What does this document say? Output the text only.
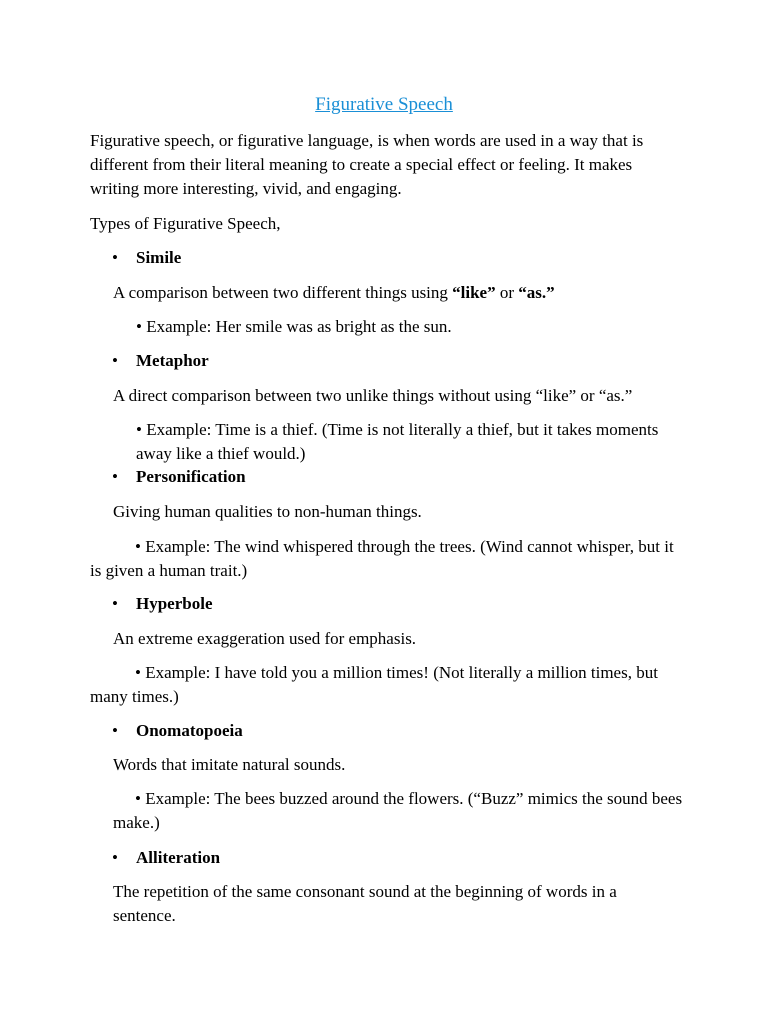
Figurative Speech
Figurative speech, or figurative language, is when words are used in a way that is different from their literal meaning to create a special effect or feeling. It makes writing more interesting, vivid, and engaging.
Types of Figurative Speech,
• Simile
A comparison between two different things using “like” or “as.”
• Example: Her smile was as bright as the sun.
• Metaphor
A direct comparison between two unlike things without using “like” or “as.”
• Example: Time is a thief. (Time is not literally a thief, but it takes moments away like a thief would.)
• Personification
Giving human qualities to non-human things.
• Example: The wind whispered through the trees. (Wind cannot whisper, but it is given a human trait.)
• Hyperbole
An extreme exaggeration used for emphasis.
• Example: I have told you a million times! (Not literally a million times, but many times.)
• Onomatopoeia
Words that imitate natural sounds.
• Example: The bees buzzed around the flowers. (“Buzz” mimics the sound bees make.)
• Alliteration
The repetition of the same consonant sound at the beginning of words in a sentence.
